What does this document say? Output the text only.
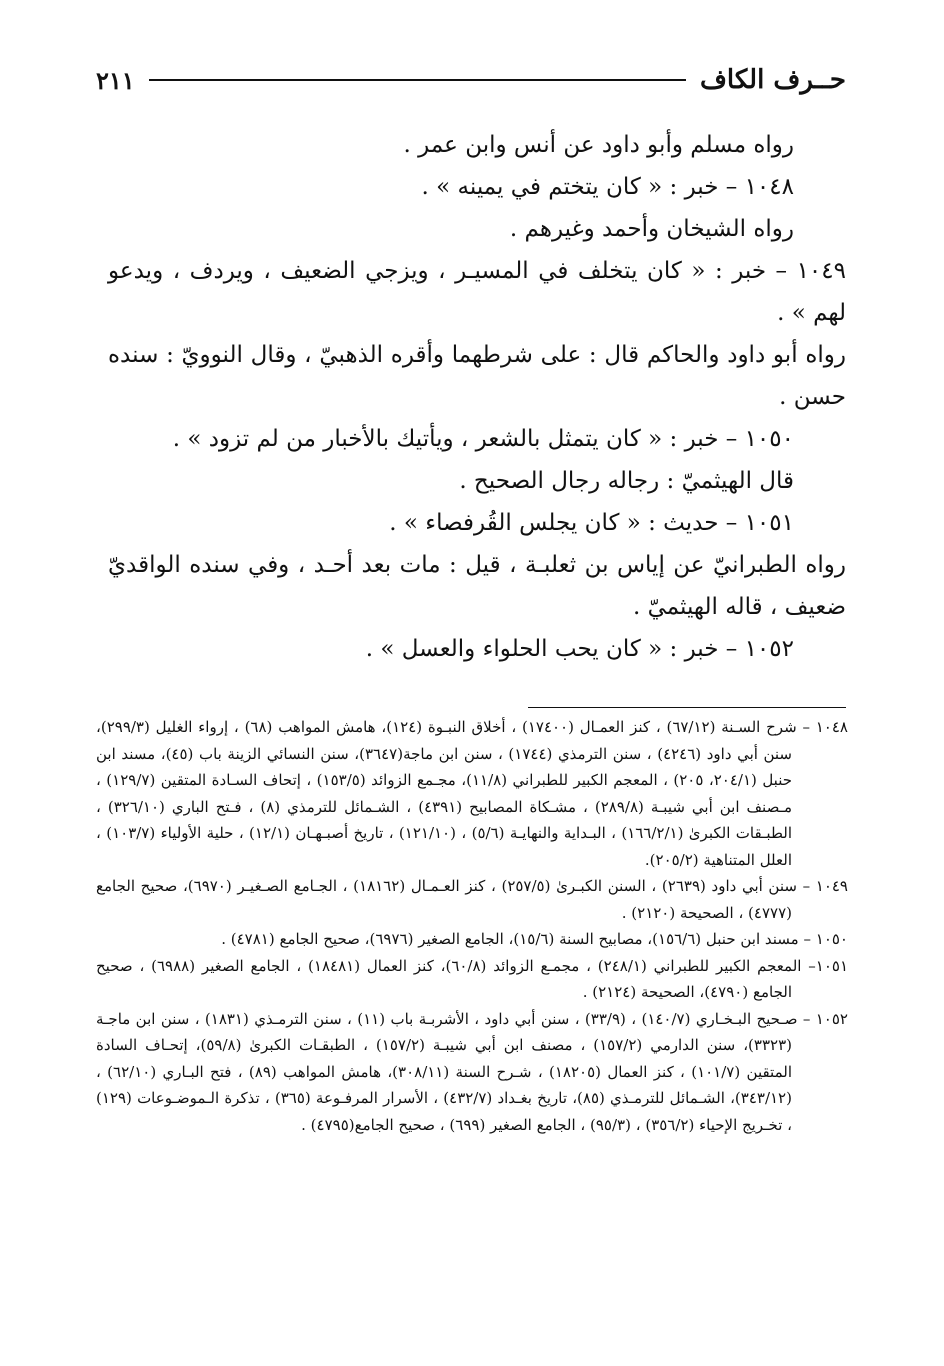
حــرف الكاف
٢١١

رواه مسلم وأبو داود عن أنس وابن عمر .

١٠٤٨ – خبر : « كان يتختم في يمينه » .

رواه الشيخان وأحمد وغيرهم .

١٠٤٩ – خبر : « كان يتخلف في المسيـر ، ويزجي الضعيف ، ويردف ، ويدعو لهم » .

رواه أبو داود والحاكم قال : على شرطهما وأقره الذهبيّ ، وقال النوويّ : سنده حسن .

١٠٥٠ – خبر : « كان يتمثل بالشعر ، ويأتيك بالأخبار من لم تزود » .

قال الهيثميّ : رجاله رجال الصحيح .

١٠٥١ – حديث : « كان يجلس القُرفصاء » .

رواه الطبرانيّ عن إياس بن ثعلبـة ، قيل : مات بعد أحـد ، وفي سنده الواقديّ ضعيف ، قاله الهيثميّ .

١٠٥٢ – خبر : « كان يحب الحلواء والعسل » .

١٠٤٨ – شرح السـنة (٦٧/١٢) ، كنز العمـال (١٧٤٠٠) ، أخلاق النبـوة (١٢٤)، هامش المواهب (٦٨) ، إرواء الغليل (٢٩٩/٣)، سنن أبي داود (٤٢٤٦) ، سنن الترمذي (١٧٤٤) ، سنن ابن ماجة(٣٦٤٧)، سنن النسائي الزينة باب (٤٥)، مسند ابن حنبل (٢٠٤/١، ٢٠٥) ، المعجم الكبير للطبراني (١١/٨)، مجـمع الزوائد (١٥٣/٥) ، إتحاف السـادة المتقين (١٢٩/٧) ، مـصنف ابن أبي شيبـة (٢٨٩/٨) ، مشـكاة المصابيح (٤٣٩١) ، الشـمائل للترمذي (٨) ، فـتح الباري (٣٢٦/١٠) ، الطبـقات الكبرىٰ (١٦٦/٢/١) ، البـداية والنهايـة (٥/٦) ، (١٢١/١٠) ، تاريخ أصبـهـان (١٢/١) ، حلية الأولياء (١٠٣/٧) ، العلل المتناهية (٢٠٥/٢).

١٠٤٩ – سنن أبي داود (٢٦٣٩) ، السنن الكبـرىٰ (٢٥٧/٥) ، كنز العـمـال (١٨١٦٢) ، الجـامع الصـغيـر (٦٩٧٠)، صحيح الجامع (٤٧٧٧) ، الصحيحة (٢١٢٠) .

١٠٥٠ – مسند ابن حنبل (١٥٦/٦)، مصابيح السنة (١٥/٦)، الجامع الصغير (٦٩٧٦)، صحيح الجامع (٤٧٨١) .

١٠٥١– المعجم الكبير للطبراني (٢٤٨/١) ، مجمـع الزوائد (٦٠/٨)، كنز العمال (١٨٤٨١) ، الجامع الصغير (٦٩٨٨) ، صحيح الجامع (٤٧٩٠)، الصحيحة (٢١٢٤) .

١٠٥٢ – صـحيح البـخـاري (١٤٠/٧) ، (٣٣/٩) ، سنن أبي داود ، الأشربـة باب (١١) ، سنن الترمـذي (١٨٣١) ، سنن ابن ماجـة (٣٣٢٣)، سنن الدارمي (١٥٧/٢) ، مصنف ابن أبي شيبـة (١٥٧/٢) ، الطبقـات الكبرىٰ (٥٩/٨)، إتحـاف السادة المتقين (١٠١/٧) ، كنز العمال (١٨٢٠٥) ، شـرح السنة (٣٠٨/١١)، هامش المواهب (٨٩) ، فتح البـاري (٦٢/١٠) ، (٣٤٣/١٢)، الشـمائل للترمـذي (٨٥)، تاريخ بغـداد (٤٣٢/٧) ، الأسرار المرفـوعة (٣٦٥) ، تذكرة الـموضـوعات (١٢٩) ، تخـريج الإحياء (٣٥٦/٢) ، (٩٥/٣) ، الجامع الصغير (٦٩٩) ، صحيح الجامع(٤٧٩٥) .
